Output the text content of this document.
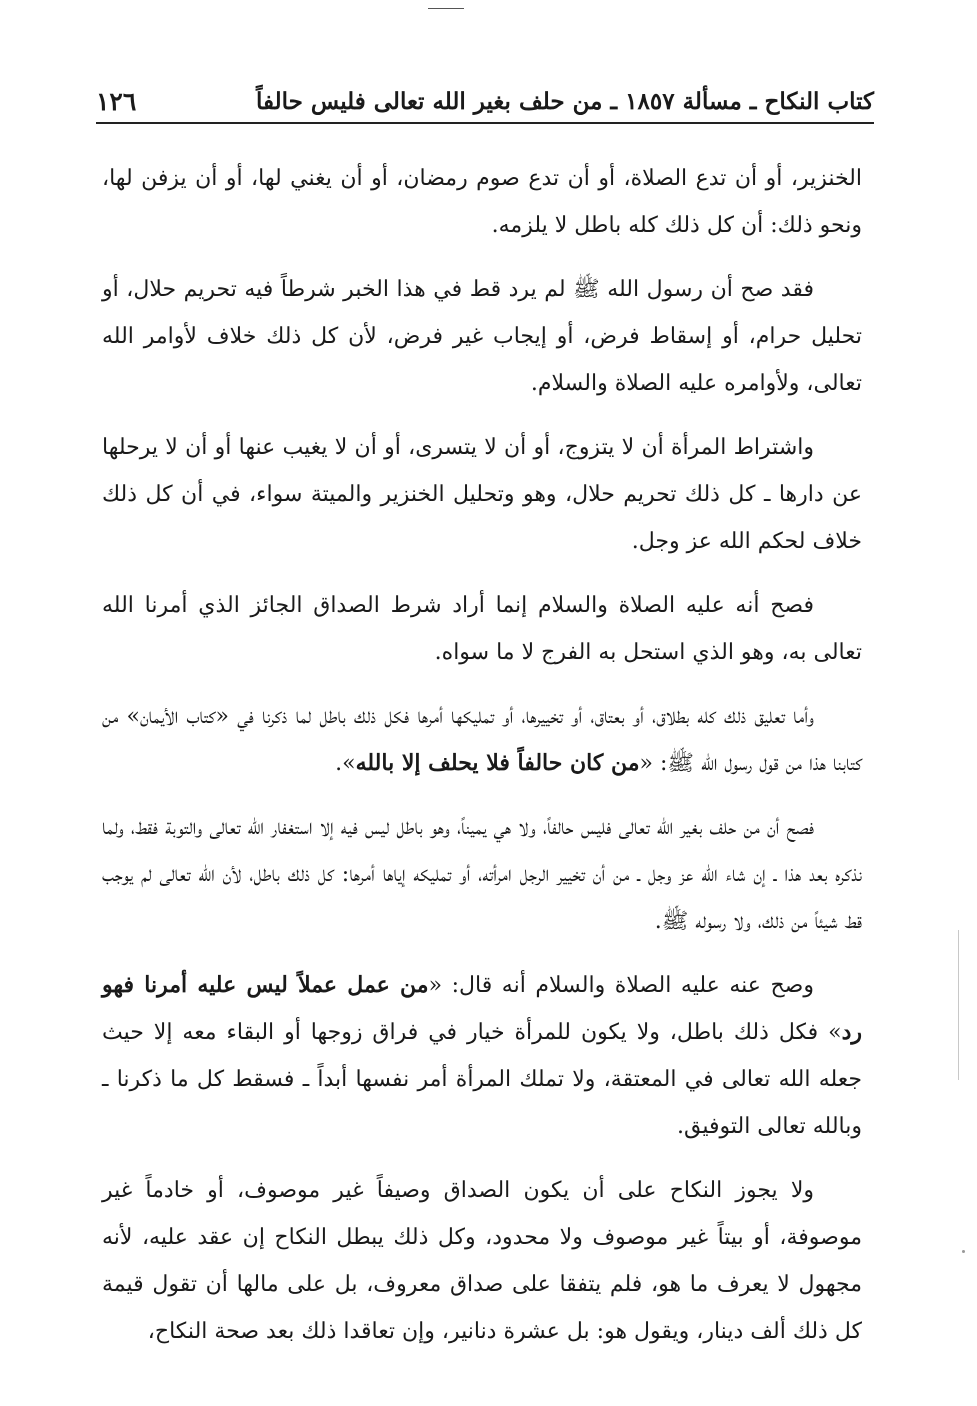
كتاب النكاح ـ مسألة ١٨٥٧ ـ من حلف بغير الله تعالى فليس حالفاً
١٢٦

الخنزير، أو أن تدع الصلاة، أو أن تدع صوم رمضان، أو أن يغني لها، أو أن يزفن لها، ونحو ذلك: أن كل ذلك كله باطل لا يلزمه.

فقد صح أن رسول الله ﷺ لم يرد قط في هذا الخبر شرطاً فيه تحريم حلال، أو تحليل حرام، أو إسقاط فرض، أو إيجاب غير فرض، لأن كل ذلك خلاف لأوامر الله تعالى، ولأوامره عليه الصلاة والسلام.

واشتراط المرأة أن لا يتزوج، أو أن لا يتسرى، أو أن لا يغيب عنها أو أن لا يرحلها عن دارها ـ كل ذلك تحريم حلال، وهو وتحليل الخنزير والميتة سواء، في أن كل ذلك خلاف لحكم الله عز وجل.

فصح أنه عليه الصلاة والسلام إنما أراد شرط الصداق الجائز الذي أمرنا الله تعالى به، وهو الذي استحل به الفرج لا ما سواه.

وأما تعليق ذلك كله بطلاق، أو بعتاق، أو تخييرها، أو تمليكها أمرها فكل ذلك باطل لما ذكرنا في «كتاب الأيمان» من كتابنا هذا من قول رسول الله ﷺ: «من كان حالفاً فلا يحلف إلا بالله».

فصح أن من حلف بغير الله تعالى فليس حالفاً، ولا هي يميناً، وهو باطل ليس فيه إلا استغفار الله تعالى والتوبة فقط، ولما نذكره بعد هذا ـ إن شاء الله عز وجل ـ من أن تخيير الرجل امرأته، أو تمليكه إياها أمرها: كل ذلك باطل، لأن الله تعالى لم يوجب قط شيئاً من ذلك، ولا رسوله ﷺ.

وصح عنه عليه الصلاة والسلام أنه قال: «من عمل عملاً ليس عليه أمرنا فهو رد» فكل ذلك باطل، ولا يكون للمرأة خيار في فراق زوجها أو البقاء معه إلا حيث جعله الله تعالى في المعتقة، ولا تملك المرأة أمر نفسها أبداً ـ فسقط كل ما ذكرنا ـ وبالله تعالى التوفيق.

ولا يجوز النكاح على أن يكون الصداق وصيفاً غير موصوف، أو خادماً غير موصوفة، أو بيتاً غير موصوف ولا محدود، وكل ذلك يبطل النكاح إن عقد عليه، لأنه مجهول لا يعرف ما هو، فلم يتفقا على صداق معروف، بل على مالها أن تقول قيمة كل ذلك ألف دينار، ويقول هو: بل عشرة دنانير، وإن تعاقدا ذلك بعد صحة النكاح،
